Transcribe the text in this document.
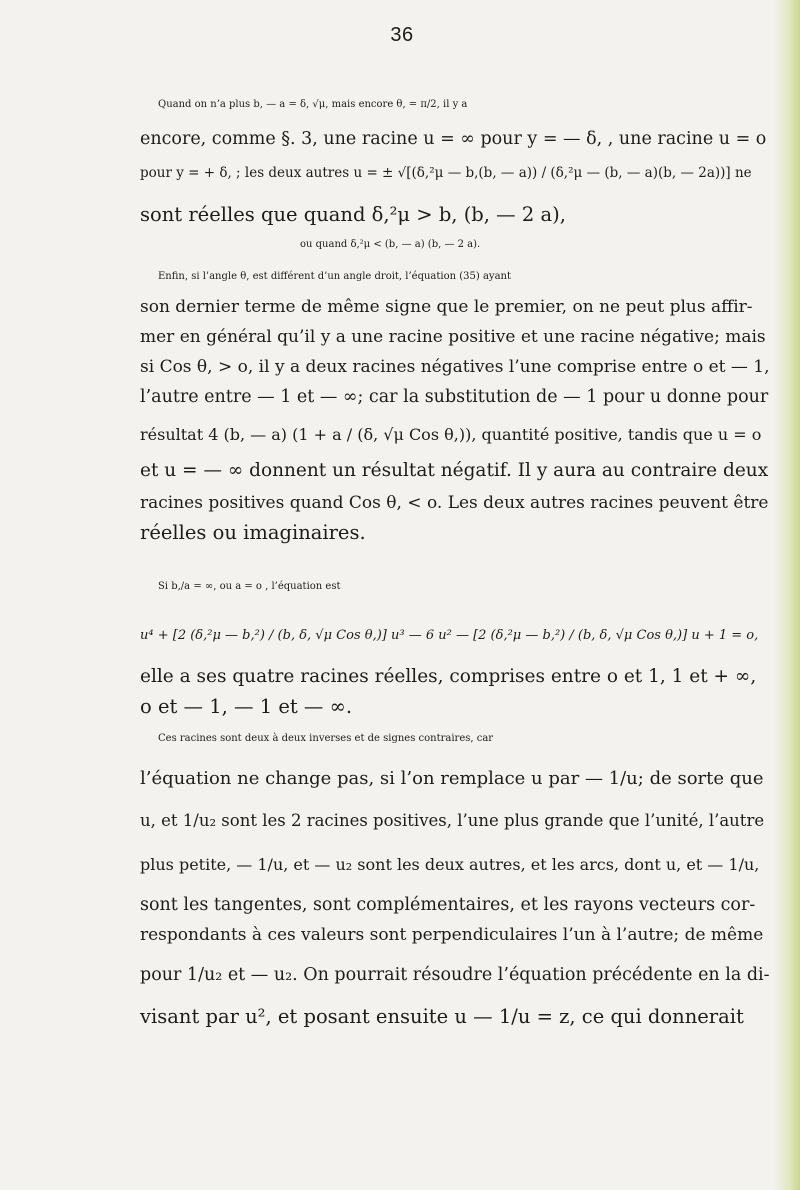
36
Quand on n’a plus b, — a = δ, √μ, mais encore θ, = π/2, il y a
encore, comme §. 3, une racine u = ∞ pour y = — δ, , une racine u = o
pour y = + δ, ; les deux autres u = ± √[(δ,²μ — b,(b, — a)) / (δ,²μ — (b, — a)(b, — 2a))] ne
sont réelles que quand δ,²μ > b, (b, — 2 a),
ou quand δ,²μ < (b, — a) (b, — 2 a).
Enfin, si l’angle θ, est différent d’un angle droit, l’équation (35) ayant
son dernier terme de même signe que le premier, on ne peut plus affir-
mer en général qu’il y a une racine positive et une racine négative; mais
si Cos θ, > o, il y a deux racines négatives l’une comprise entre o et — 1,
l’autre entre — 1 et — ∞; car la substitution de — 1 pour u donne pour
résultat 4 (b, — a) (1 + a / (δ, √μ Cos θ,)), quantité positive, tandis que u = o
et u = — ∞ donnent un résultat négatif. Il y aura au contraire deux
racines positives quand Cos θ, < o. Les deux autres racines peuvent être
réelles ou imaginaires.
Si b,/a = ∞, ou a = o , l’équation est
u⁴ + [2 (δ,²μ — b,²) / (b, δ, √μ Cos θ,)] u³ — 6 u² — [2 (δ,²μ — b,²) / (b, δ, √μ Cos θ,)] u + 1 = o,
elle a ses quatre racines réelles, comprises entre o et 1, 1 et + ∞,
o et — 1, — 1 et — ∞.
Ces racines sont deux à deux inverses et de signes contraires, car
l’équation ne change pas, si l’on remplace u par — 1/u; de sorte que
u, et 1/u₂ sont les 2 racines positives, l’une plus grande que l’unité, l’autre
plus petite, — 1/u, et — u₂ sont les deux autres, et les arcs, dont u, et — 1/u,
sont les tangentes, sont complémentaires, et les rayons vecteurs cor-
respondants à ces valeurs sont perpendiculaires l’un à l’autre; de même
pour 1/u₂ et — u₂. On pourrait résoudre l’équation précédente en la di-
visant par u², et posant ensuite u — 1/u = z, ce qui donnerait
